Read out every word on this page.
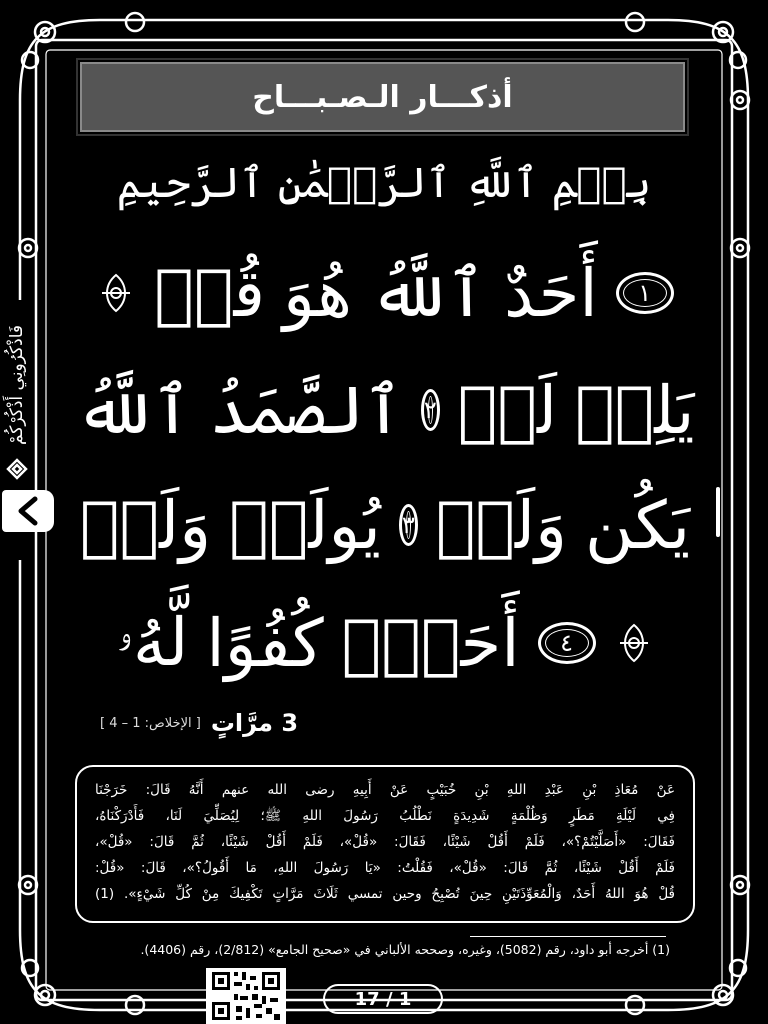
أذكـــار الـصـبـــاح
بِسۡمِ ٱللَّهِ ٱلرَّحۡمَٰنِ ٱلرَّحِيمِ
قُلۡ هُوَ ٱللَّهُ أَحَدٌ	١
ٱللَّهُ ٱلصَّمَدُ ٢ لَمۡ يَلِدۡ
وَلَمۡ يُولَدۡ ٣ وَلَمۡ يَكُن
لَّهُۥ كُفُوًا أَحَدُۢ	٤
[ الإخلاص: 1 – 4 ] 3 مرَّاتٍ
عَنْ مُعَاذِ بْنِ عَبْدِ اللهِ بْنِ خُبَيْبٍ عَنْ أَبِيهِ رضى الله عنهم أَنَّهُ قَالَ: خَرَجْنَا
فِي لَيْلَةِ مَطَرٍ وَظُلْمَةٍ شَدِيدَةٍ نَطْلُبُ رَسُولَ اللهِ ﷺ؛ لِيُصَلِّيَ لَنَا، فَأَدْرَكْنَاهُ،
فَقَالَ: «أَصَلَّيْتُمْ؟»، فَلَمْ أَقُلْ شَيْئًا، فَقَالَ: «قُلْ»، فَلَمْ أَقُلْ شَيْئًا، ثُمَّ قَالَ: «قُلْ»،
فَلَمْ أَقُلْ شَيْئًا، ثُمَّ قَالَ: «قُلْ»، فَقُلْتُ: «يَا رَسُولَ اللهِ، مَا أَقُولُ؟»، قَالَ: «قُلْ:
قُلْ هُوَ اللهُ أَحَدٌ، وَالْمُعَوِّذَتَيْنِ حِينَ تُصْبِحُ وحين تمسي ثَلَاثَ مَرَّاتٍ تَكْفِيكَ مِنْ كُلِّ شَيْءٍ». (1)
(1) أخرجه أبو داود، رقم (5082)، وغيره، وصححه الألباني في «صحيح الجامع» (2/812)، رقم (4406).
17 / 1
فَاذْكُرُونِي أَذْكُرْكُمْ
